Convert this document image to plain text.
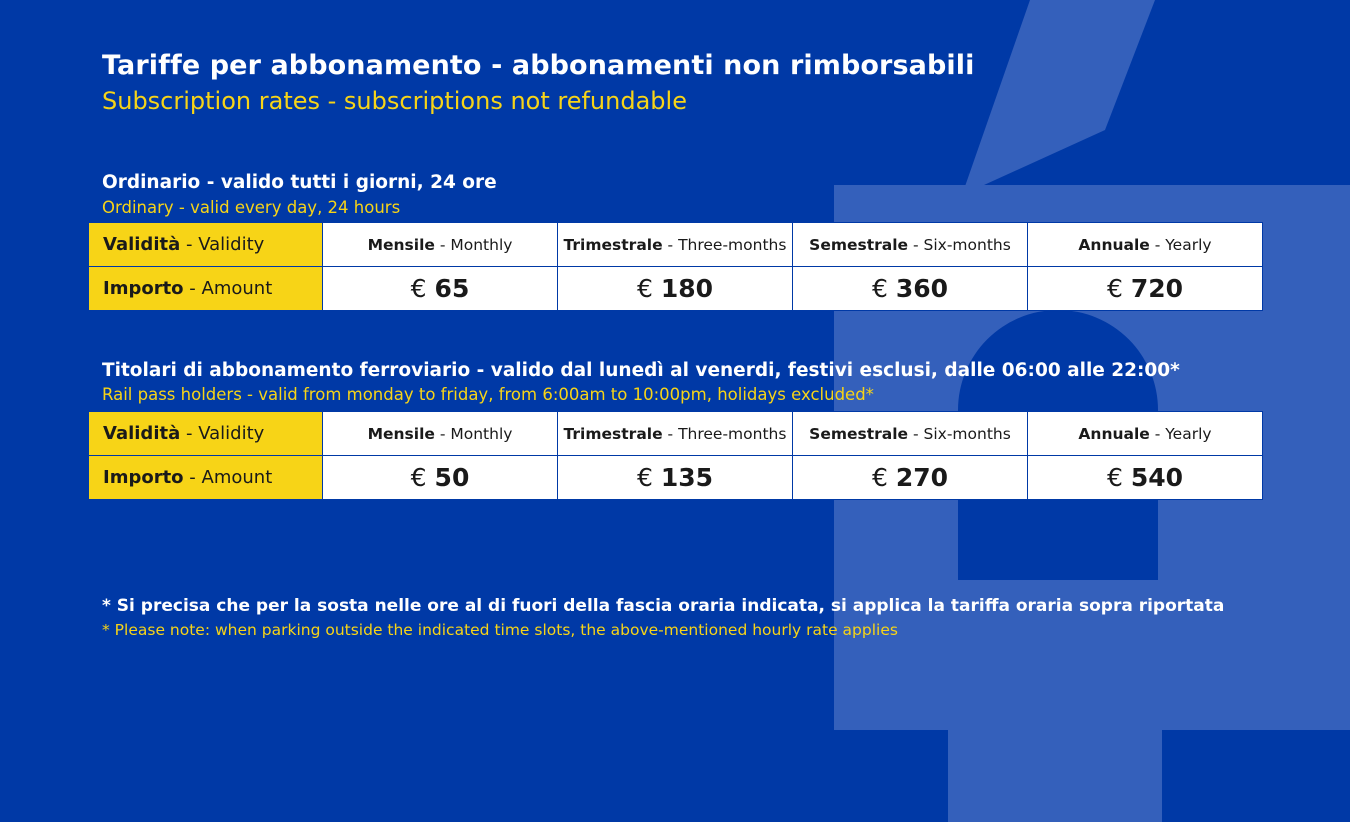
Tariffe per abbonamento - abbonamenti non rimborsabili
Subscription rates - subscriptions not refundable
Ordinario - valido tutti i giorni, 24 ore
Ordinary - valid every day, 24 hours
Validità - Validity	Mensile - Monthly	Trimestrale - Three-months	Semestrale - Six-months	Annuale - Yearly
Importo - Amount	€ 65	€ 180	€ 360	€ 720
Titolari di abbonamento ferroviario - valido dal lunedì al venerdi, festivi esclusi, dalle 06:00 alle 22:00*
Rail pass holders - valid from monday to friday, from 6:00am to 10:00pm, holidays excluded*
Validità - Validity	Mensile - Monthly	Trimestrale - Three-months	Semestrale - Six-months	Annuale - Yearly
Importo - Amount	€ 50	€ 135	€ 270	€ 540
* Si precisa che per la sosta nelle ore al di fuori della fascia oraria indicata, si applica la tariffa oraria sopra riportata
* Please note: when parking outside the indicated time slots, the above-mentioned hourly rate applies
